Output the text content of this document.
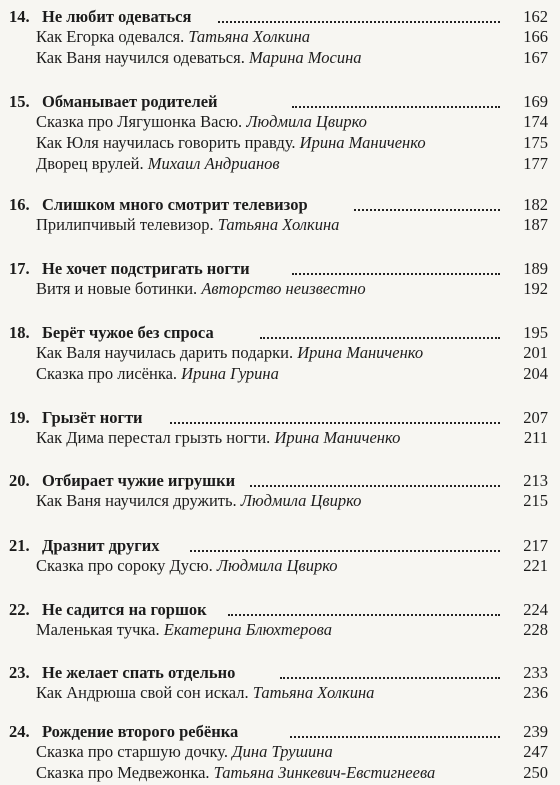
14. Не любит одеваться	162
Как Егорка одевался. Татьяна Холкина	166
Как Ваня научился одеваться. Марина Мосина	167
15. Обманывает родителей	169
Сказка про Лягушонка Васю. Людмила Цвирко	174
Как Юля научилась говорить правду. Ирина Маниченко	175
Дворец врулей. Михаил Андрианов	177
16. Слишком много смотрит телевизор	182
Прилипчивый телевизор. Татьяна Холкина	187
17. Не хочет подстригать ногти	189
Витя и новые ботинки. Авторство неизвестно	192
18. Берёт чужое без спроса	195
Как Валя научилась дарить подарки. Ирина Маниченко	201
Сказка про лисёнка. Ирина Гурина	204
19. Грызёт ногти	207
Как Дима перестал грызть ногти. Ирина Маниченко	211
20. Отбирает чужие игрушки	213
Как Ваня научился дружить. Людмила Цвирко	215
21. Дразнит других	217
Сказка про сороку Дусю. Людмила Цвирко	221
22. Не садится на горшок	224
Маленькая тучка. Екатерина Блюхтерова	228
23. Не желает спать отдельно	233
Как Андрюша свой сон искал. Татьяна Холкина	236
24. Рождение второго ребёнка	239
Сказка про старшую дочку. Дина Трушина	247
Сказка про Медвежонка. Татьяна Зинкевич-Евстигнеева	250
